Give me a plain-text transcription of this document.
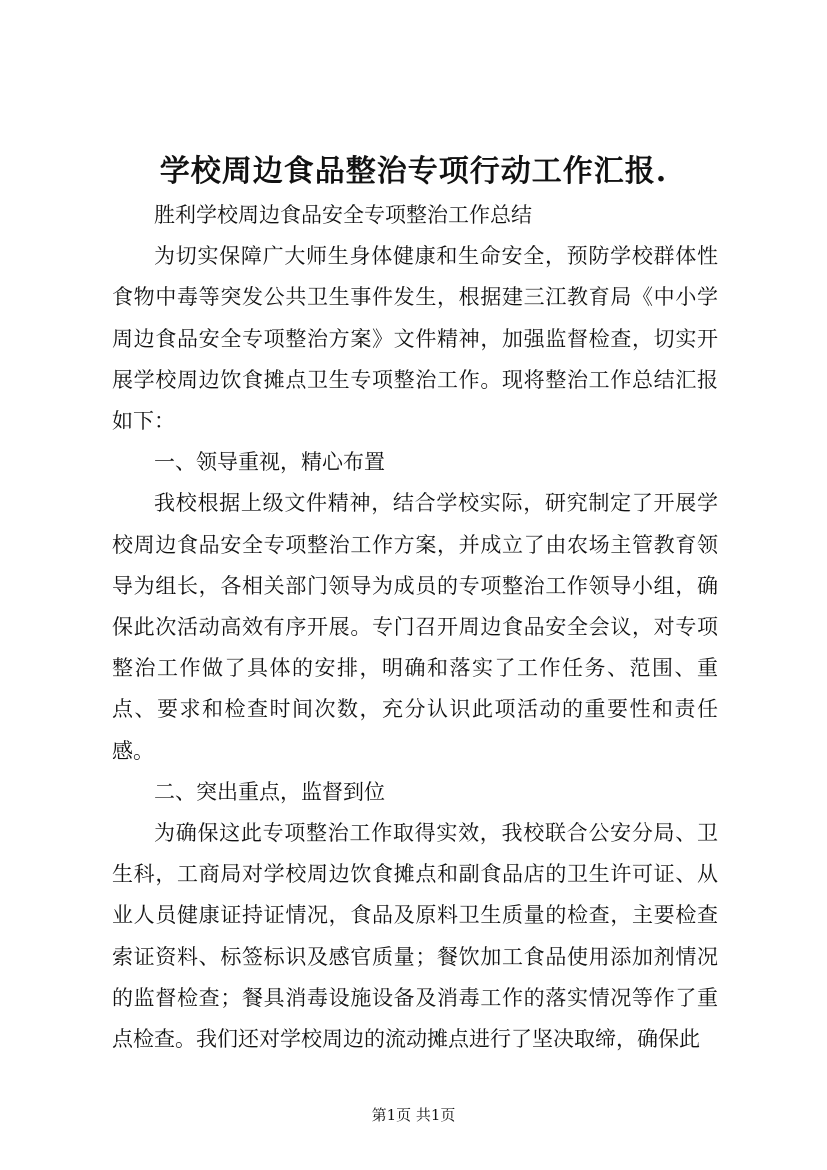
学校周边食品整治专项行动工作汇报.

胜利学校周边食品安全专项整治工作总结

为切实保障广大师生身体健康和生命安全，预防学校群体性食物中毒等突发公共卫生事件发生，根据建三江教育局《中小学周边食品安全专项整治方案》文件精神，加强监督检查，切实开展学校周边饮食摊点卫生专项整治工作。现将整治工作总结汇报如下：

一、领导重视，精心布置

我校根据上级文件精神，结合学校实际，研究制定了开展学校周边食品安全专项整治工作方案，并成立了由农场主管教育领导为组长，各相关部门领导为成员的专项整治工作领导小组，确保此次活动高效有序开展。专门召开周边食品安全会议，对专项整治工作做了具体的安排，明确和落实了工作任务、范围、重点、要求和检查时间次数，充分认识此项活动的重要性和责任感。

二、突出重点，监督到位

为确保这此专项整治工作取得实效，我校联合公安分局、卫生科，工商局对学校周边饮食摊点和副食品店的卫生许可证、从业人员健康证持证情况，食品及原料卫生质量的检查，主要检查索证资料、标签标识及感官质量；餐饮加工食品使用添加剂情况的监督检查；餐具消毒设施设备及消毒工作的落实情况等作了重点检查。我们还对学校周边的流动摊点进行了坚决取缔，确保此

第1页 共1页
